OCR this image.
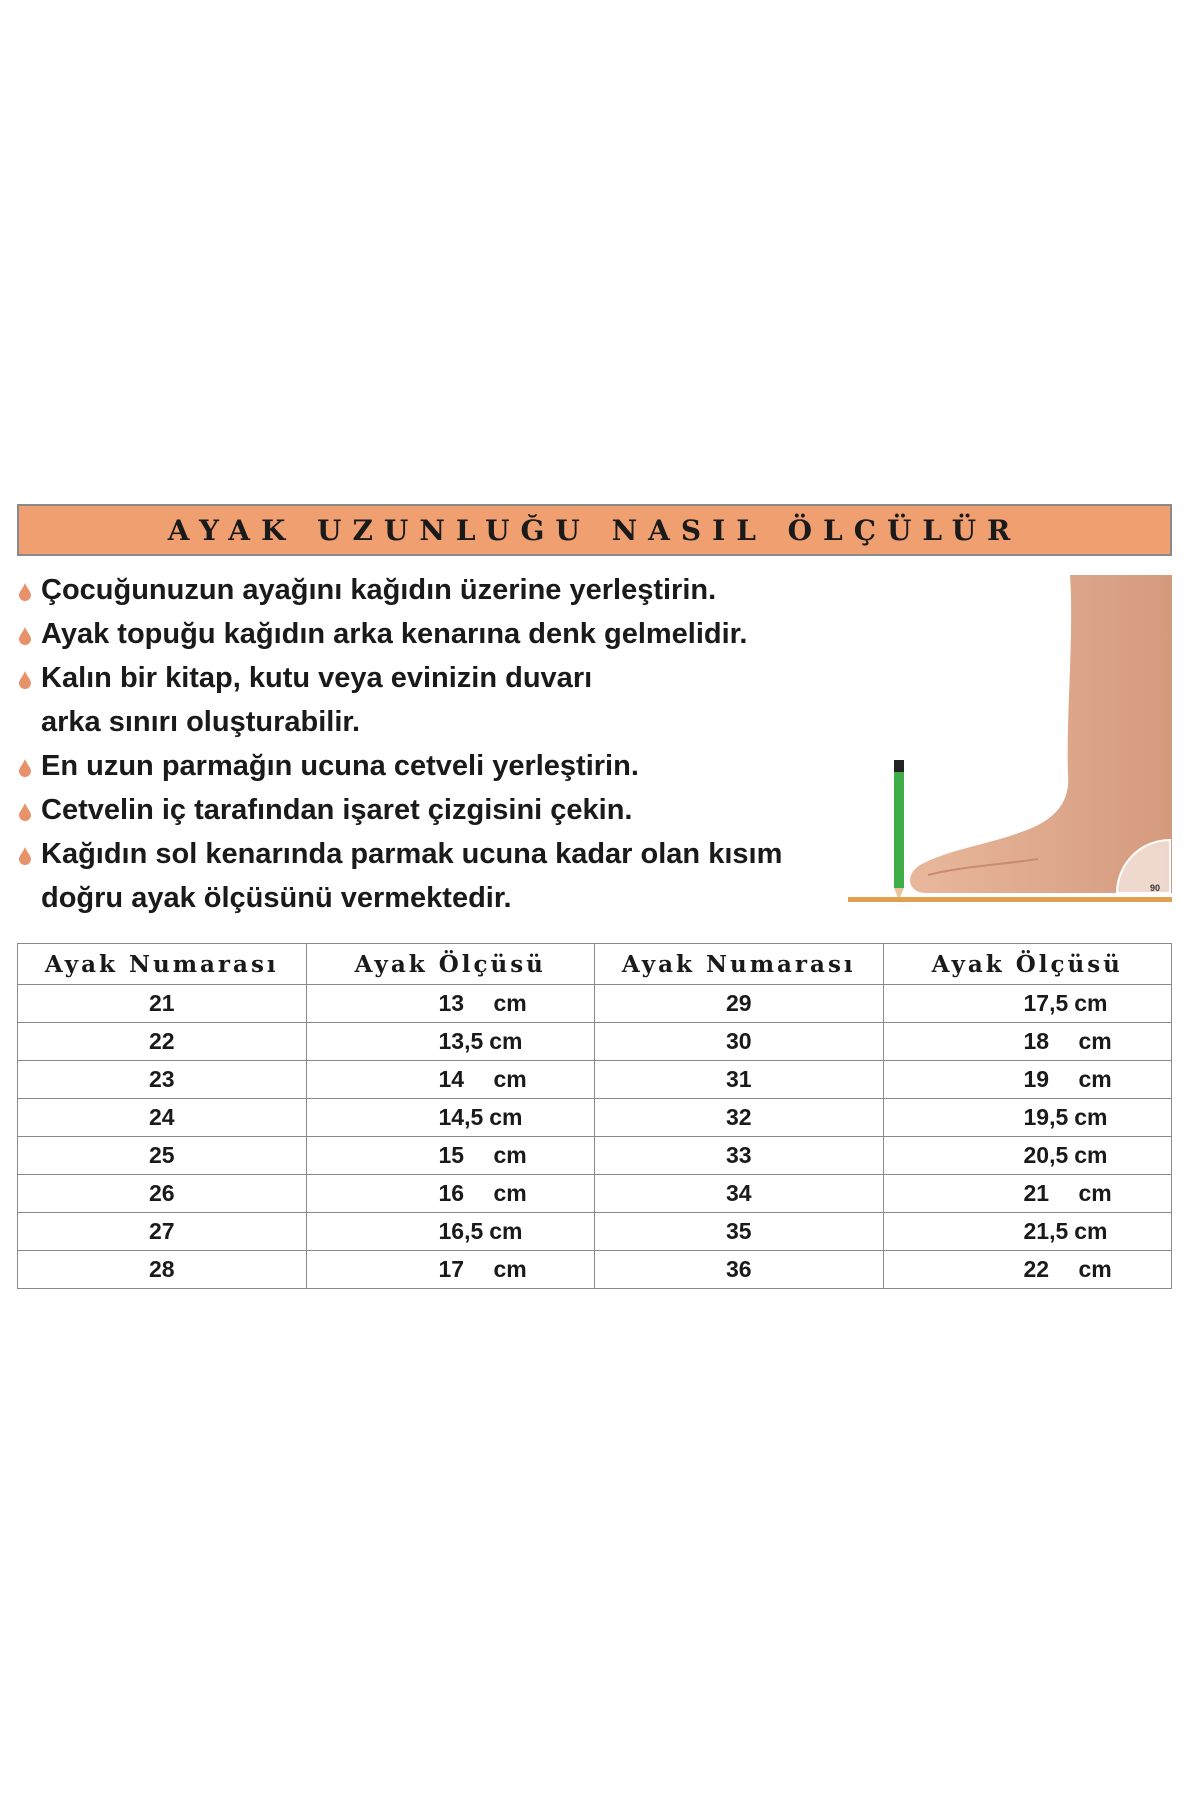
AYAK UZUNLUĞU NASIL ÖLÇÜLÜR
Çocuğunuzun ayağını kağıdın üzerine yerleştirin.
Ayak topuğu kağıdın arka kenarına denk gelmelidir.
Kalın bir kitap, kutu veya evinizin duvarı
arka sınırı oluşturabilir.
En uzun parmağın ucuna cetveli yerleştirin.
Cetvelin iç tarafından işaret çizgisini çekin.
Kağıdın sol kenarında parmak ucuna kadar olan kısım
doğru ayak ölçüsünü vermektedir.	90
Ayak Numarası	Ayak Ölçüsü	Ayak Numarası	Ayak Ölçüsü
21	13 cm	29	17,5 cm
22	13,5 cm	30	18 cm
23	14 cm	31	19 cm
24	14,5 cm	32	19,5 cm
25	15 cm	33	20,5 cm
26	16 cm	34	21 cm
27	16,5 cm	35	21,5 cm
28	17 cm	36	22 cm
